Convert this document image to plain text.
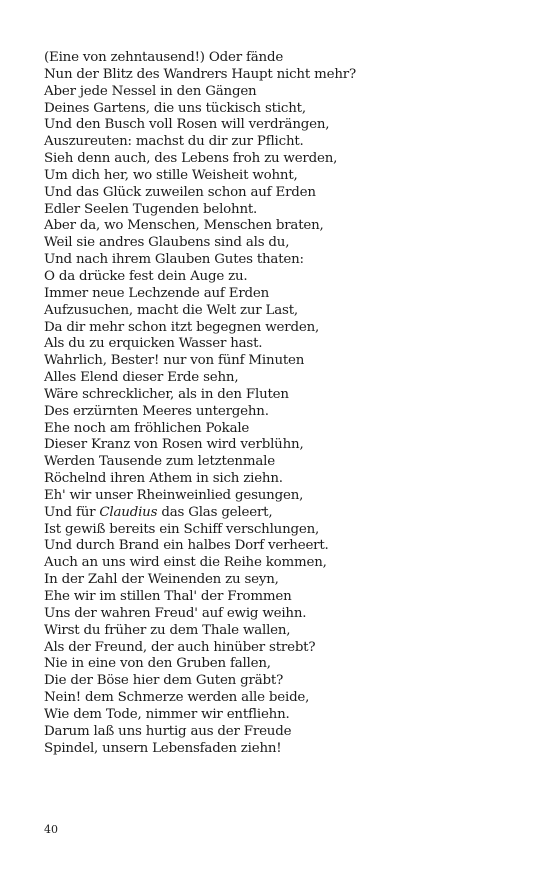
(Eine von zehntausend!) Oder fände
Nun der Blitz des Wandrers Haupt nicht mehr?
Aber jede Nessel in den Gängen
Deines Gartens, die uns tückisch sticht,
Und den Busch voll Rosen will verdrängen,
Auszureuten: machst du dir zur Pflicht.
Sieh denn auch, des Lebens froh zu werden,
Um dich her, wo stille Weisheit wohnt,
Und das Glück zuweilen schon auf Erden
Edler Seelen Tugenden belohnt.
Aber da, wo Menschen, Menschen braten,
Weil sie andres Glaubens sind als du,
Und nach ihrem Glauben Gutes thaten:
O da drücke fest dein Auge zu.
Immer neue Lechzende auf Erden
Aufzusuchen, macht die Welt zur Last,
Da dir mehr schon itzt begegnen werden,
Als du zu erquicken Wasser hast.
Wahrlich, Bester! nur von fünf Minuten
Alles Elend dieser Erde sehn,
Wäre schrecklicher, als in den Fluten
Des erzürnten Meeres untergehn.
Ehe noch am fröhlichen Pokale
Dieser Kranz von Rosen wird verblühn,
Werden Tausende zum letztenmale
Röchelnd ihren Athem in sich ziehn.
Eh' wir unser Rheinweinlied gesungen,
Und für Claudius das Glas geleert,
Ist gewiß bereits ein Schiff verschlungen,
Und durch Brand ein halbes Dorf verheert.
Auch an uns wird einst die Reihe kommen,
In der Zahl der Weinenden zu seyn,
Ehe wir im stillen Thal' der Frommen
Uns der wahren Freud' auf ewig weihn.
Wirst du früher zu dem Thale wallen,
Als der Freund, der auch hinüber strebt?
Nie in eine von den Gruben fallen,
Die der Böse hier dem Guten gräbt?
Nein! dem Schmerze werden alle beide,
Wie dem Tode, nimmer wir entfliehn.
Darum laß uns hurtig aus der Freude
Spindel, unsern Lebensfaden ziehn!
40
